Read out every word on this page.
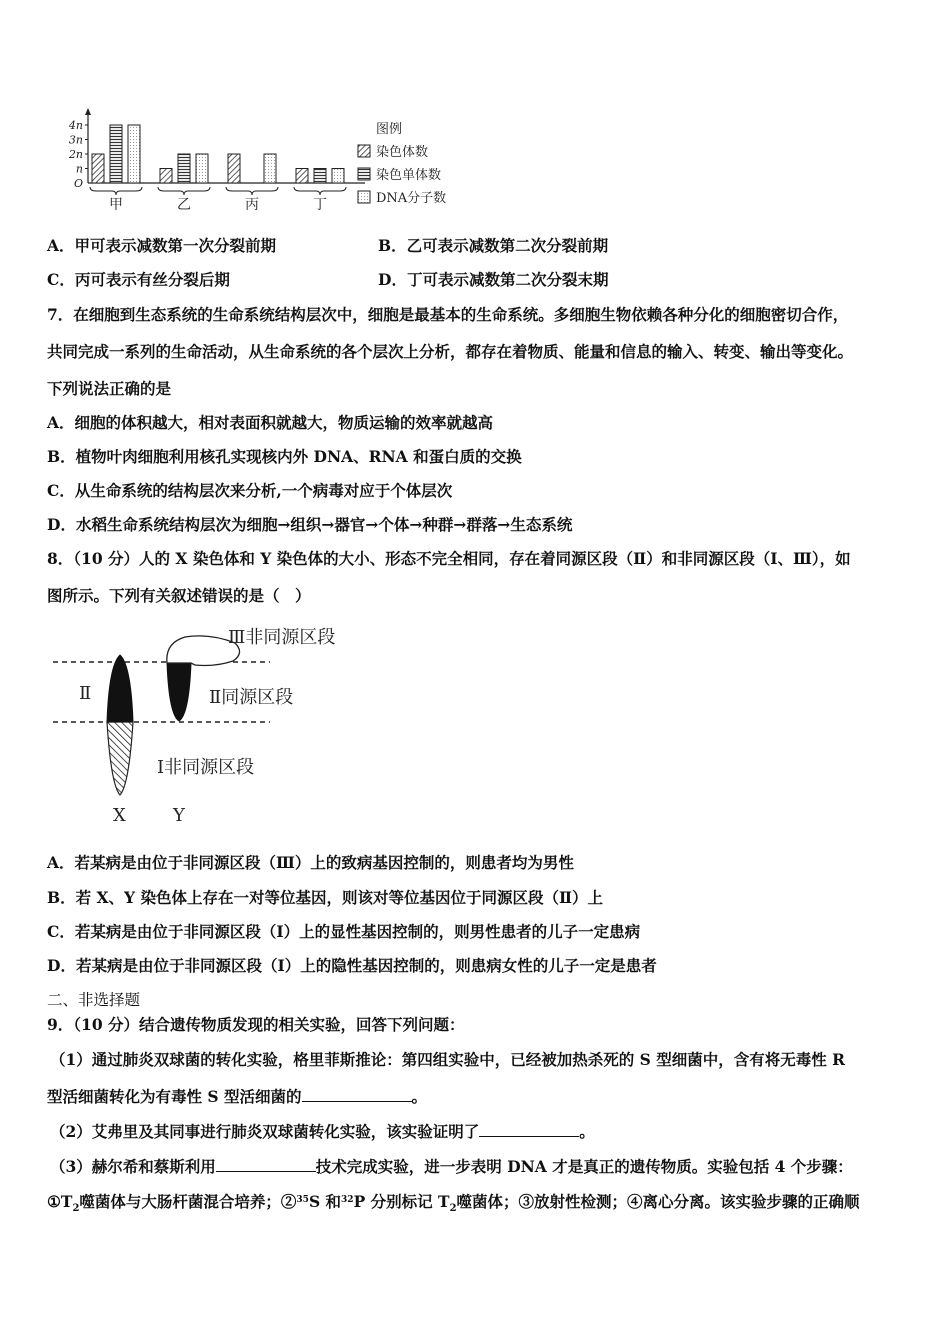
4n
3n
2n
n
O
甲	乙	丙	丁
图例
染色体数
染色单体数
DNA分子数
A．甲可表示减数第一次分裂前期	B．乙可表示减数第二次分裂前期
C．丙可表示有丝分裂后期	D．丁可表示减数第二次分裂末期
7．在细胞到生态系统的生命系统结构层次中，细胞是最基本的生命系统。多细胞生物依赖各种分化的细胞密切合作，
共同完成一系列的生命活动，从生命系统的各个层次上分析，都存在着物质、能量和信息的输入、转变、输出等变化。
下列说法正确的是
A．细胞的体积越大，相对表面积就越大，物质运输的效率就越高
B．植物叶肉细胞利用核孔实现核内外 DNA、RNA 和蛋白质的交换
C．从生命系统的结构层次来分析,一个病毒对应于个体层次
D．水稻生命系统结构层次为细胞→组织→器官→个体→种群→群落→生态系统
8．（10 分）人的 X 染色体和 Y 染色体的大小、形态不完全相同，存在着同源区段（Ⅱ）和非同源区段（Ⅰ、Ⅲ），如
图所示。下列有关叙述错误的是（　）
Ⅲ非同源区段
Ⅱ	Ⅱ同源区段
Ⅰ非同源区段
X	Y
A．若某病是由位于非同源区段（Ⅲ）上的致病基因控制的，则患者均为男性
B．若 X、Y 染色体上存在一对等位基因，则该对等位基因位于同源区段（Ⅱ）上
C．若某病是由位于非同源区段（Ⅰ）上的显性基因控制的，则男性患者的儿子一定患病
D．若某病是由位于非同源区段（Ⅰ）上的隐性基因控制的，则患病女性的儿子一定是患者
二、非选择题
9．（10 分）结合遗传物质发现的相关实验，回答下列问题：
（1）通过肺炎双球菌的转化实验，格里菲斯推论：第四组实验中，已经被加热杀死的 S 型细菌中，含有将无毒性 R
型活细菌转化为有毒性 S 型活细菌的	。
（2）艾弗里及其同事进行肺炎双球菌转化实验，该实验证明了	。
（3）赫尔希和蔡斯利用	技术完成实验，进一步表明 DNA 才是真正的遗传物质。实验包括 4 个步骤：
$①T_2$噬菌体与大肠杆菌混合培养；②$^{35}$S 和$^{32}$P 分别标记 $T_2$噬菌体；③放射性检测；④离心分离。该实验步骤的正确顺
